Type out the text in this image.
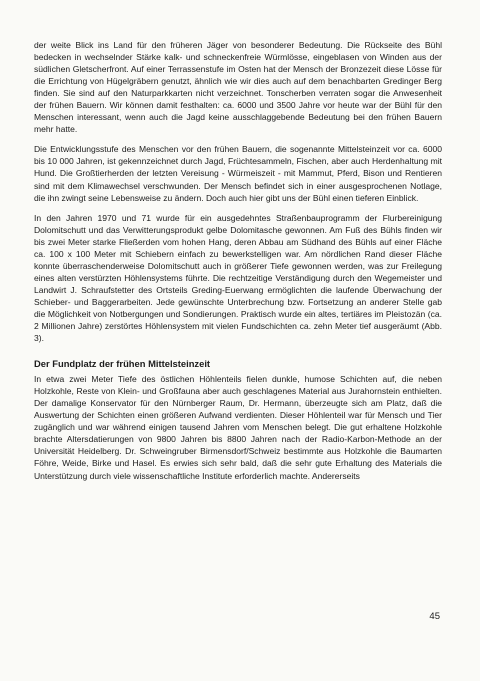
der weite Blick ins Land für den früheren Jäger von besonderer Bedeutung. Die Rückseite des Bühl bedecken in wechselnder Stärke kalk- und schneckenfreie Würmlösse, eingeblasen von Winden aus der südlichen Gletscherfront. Auf einer Terrassenstufe im Osten hat der Mensch der Bronzezeit diese Lösse für die Errichtung von Hügelgräbern genutzt, ähnlich wie wir dies auch auf dem benachbarten Gredinger Berg finden. Sie sind auf den Naturparkkarten nicht verzeichnet. Tonscherben verraten sogar die Anwesenheit der frühen Bauern. Wir können damit festhalten: ca. 6000 und 3500 Jahre vor heute war der Bühl für den Menschen interessant, wenn auch die Jagd keine ausschlaggebende Bedeutung bei den frühen Bauern mehr hatte.

Die Entwicklungsstufe des Menschen vor den frühen Bauern, die sogenannte Mittelsteinzeit vor ca. 6000 bis 10 000 Jahren, ist gekennzeichnet durch Jagd, Früchtesammeln, Fischen, aber auch Herdenhaltung mit Hund. Die Großtierherden der letzten Vereisung - Würmeiszeit - mit Mammut, Pferd, Bison und Rentieren sind mit dem Klimawechsel verschwunden. Der Mensch befindet sich in einer ausgesprochenen Notlage, die ihn zwingt seine Lebensweise zu ändern. Doch auch hier gibt uns der Bühl einen tieferen Einblick.

In den Jahren 1970 und 71 wurde für ein ausgedehntes Straßenbauprogramm der Flurbereinigung Dolomitschutt und das Verwitterungsprodukt gelbe Dolomitasche gewonnen. Am Fuß des Bühls finden wir bis zwei Meter starke Fließerden vom hohen Hang, deren Abbau am Südhand des Bühls auf einer Fläche ca. 100 x 100 Meter mit Schiebern einfach zu bewerkstelligen war. Am nördlichen Rand dieser Fläche konnte überraschenderweise Dolomitschutt auch in größerer Tiefe gewonnen werden, was zur Freilegung eines alten verstürzten Höhlensystems führte. Die rechtzeitige Verständigung durch den Wegemeister und Landwirt J. Schraufstetter des Ortsteils Greding-Euerwang ermöglichten die laufende Überwachung der Schieber- und Baggerarbeiten. Jede gewünschte Unterbrechung bzw. Fortsetzung an anderer Stelle gab die Möglichkeit von Notbergungen und Sondierungen. Praktisch wurde ein altes, tertiäres im Pleistozän (ca. 2 Millionen Jahre) zerstörtes Höhlensystem mit vielen Fundschichten ca. zehn Meter tief ausgeräumt (Abb. 3).

Der Fundplatz der frühen Mittelsteinzeit

In etwa zwei Meter Tiefe des östlichen Höhlenteils fielen dunkle, humose Schichten auf, die neben Holzkohle, Reste von Klein- und Großfauna aber auch geschlagenes Material aus Jurahornstein enthielten. Der damalige Konservator für den Nürnberger Raum, Dr. Hermann, überzeugte sich am Platz, daß die Auswertung der Schichten einen größeren Aufwand verdienten. Dieser Höhlenteil war für Mensch und Tier zugänglich und war während einigen tausend Jahren vom Menschen belegt. Die gut erhaltene Holzkohle brachte Altersdatierungen von 9800 Jahren bis 8800 Jahren nach der Radio-Karbon-Methode an der Universität Heidelberg. Dr. Schweingruber Birmensdorf/Schweiz bestimmte aus Holzkohle die Baumarten Föhre, Weide, Birke und Hasel. Es erwies sich sehr bald, daß die sehr gute Erhaltung des Materials die Unterstützung durch viele wissenschaftliche Institute erforderlich machte. Andererseits

45
